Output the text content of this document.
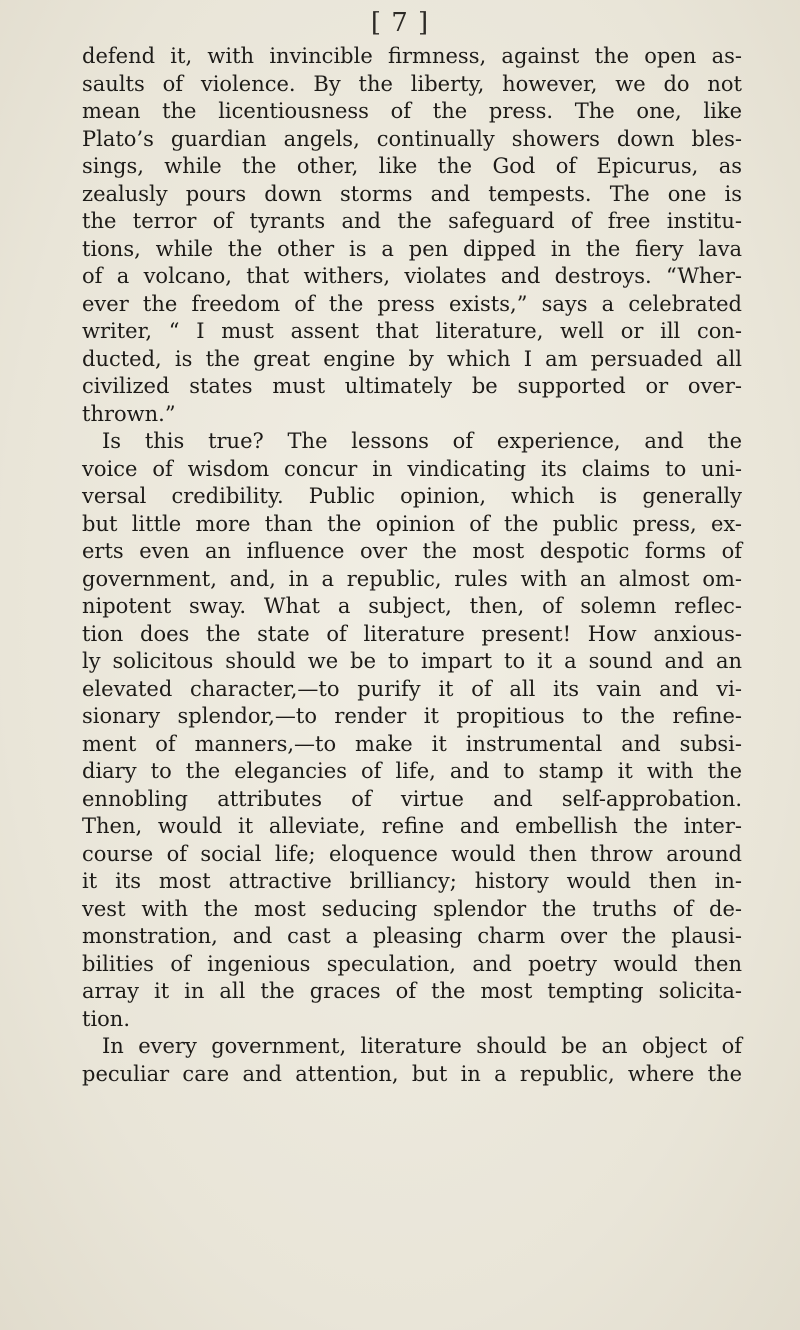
[ 7 ]
defend it, with invincible firmness, against the open as-
saults of violence. By the liberty, however, we do not
mean the licentiousness of the press. The one, like
Plato’s guardian angels, continually showers down bles-
sings, while the other, like the God of Epicurus, as
zealusly pours down storms and tempests. The one is
the terror of tyrants and the safeguard of free institu-
tions, while the other is a pen dipped in the fiery lava
of a volcano, that withers, violates and destroys. “Wher-
ever the freedom of the press exists,” says a celebrated
writer, “ I must assent that literature, well or ill con-
ducted, is the great engine by which I am persuaded all
civilized states must ultimately be supported or over-
thrown.”
Is this true? The lessons of experience, and the
voice of wisdom concur in vindicating its claims to uni-
versal credibility. Public opinion, which is generally
but little more than the opinion of the public press, ex-
erts even an influence over the most despotic forms of
government, and, in a republic, rules with an almost om-
nipotent sway. What a subject, then, of solemn reflec-
tion does the state of literature present! How anxious-
ly solicitous should we be to impart to it a sound and an
elevated character,—to purify it of all its vain and vi-
sionary splendor,—to render it propitious to the refine-
ment of manners,—to make it instrumental and subsi-
diary to the elegancies of life, and to stamp it with the
ennobling attributes of virtue and self-approbation.
Then, would it alleviate, refine and embellish the inter-
course of social life; eloquence would then throw around
it its most attractive brilliancy; history would then in-
vest with the most seducing splendor the truths of de-
monstration, and cast a pleasing charm over the plausi-
bilities of ingenious speculation, and poetry would then
array it in all the graces of the most tempting solicita-
tion.
In every government, literature should be an object of
peculiar care and attention, but in a republic, where the
